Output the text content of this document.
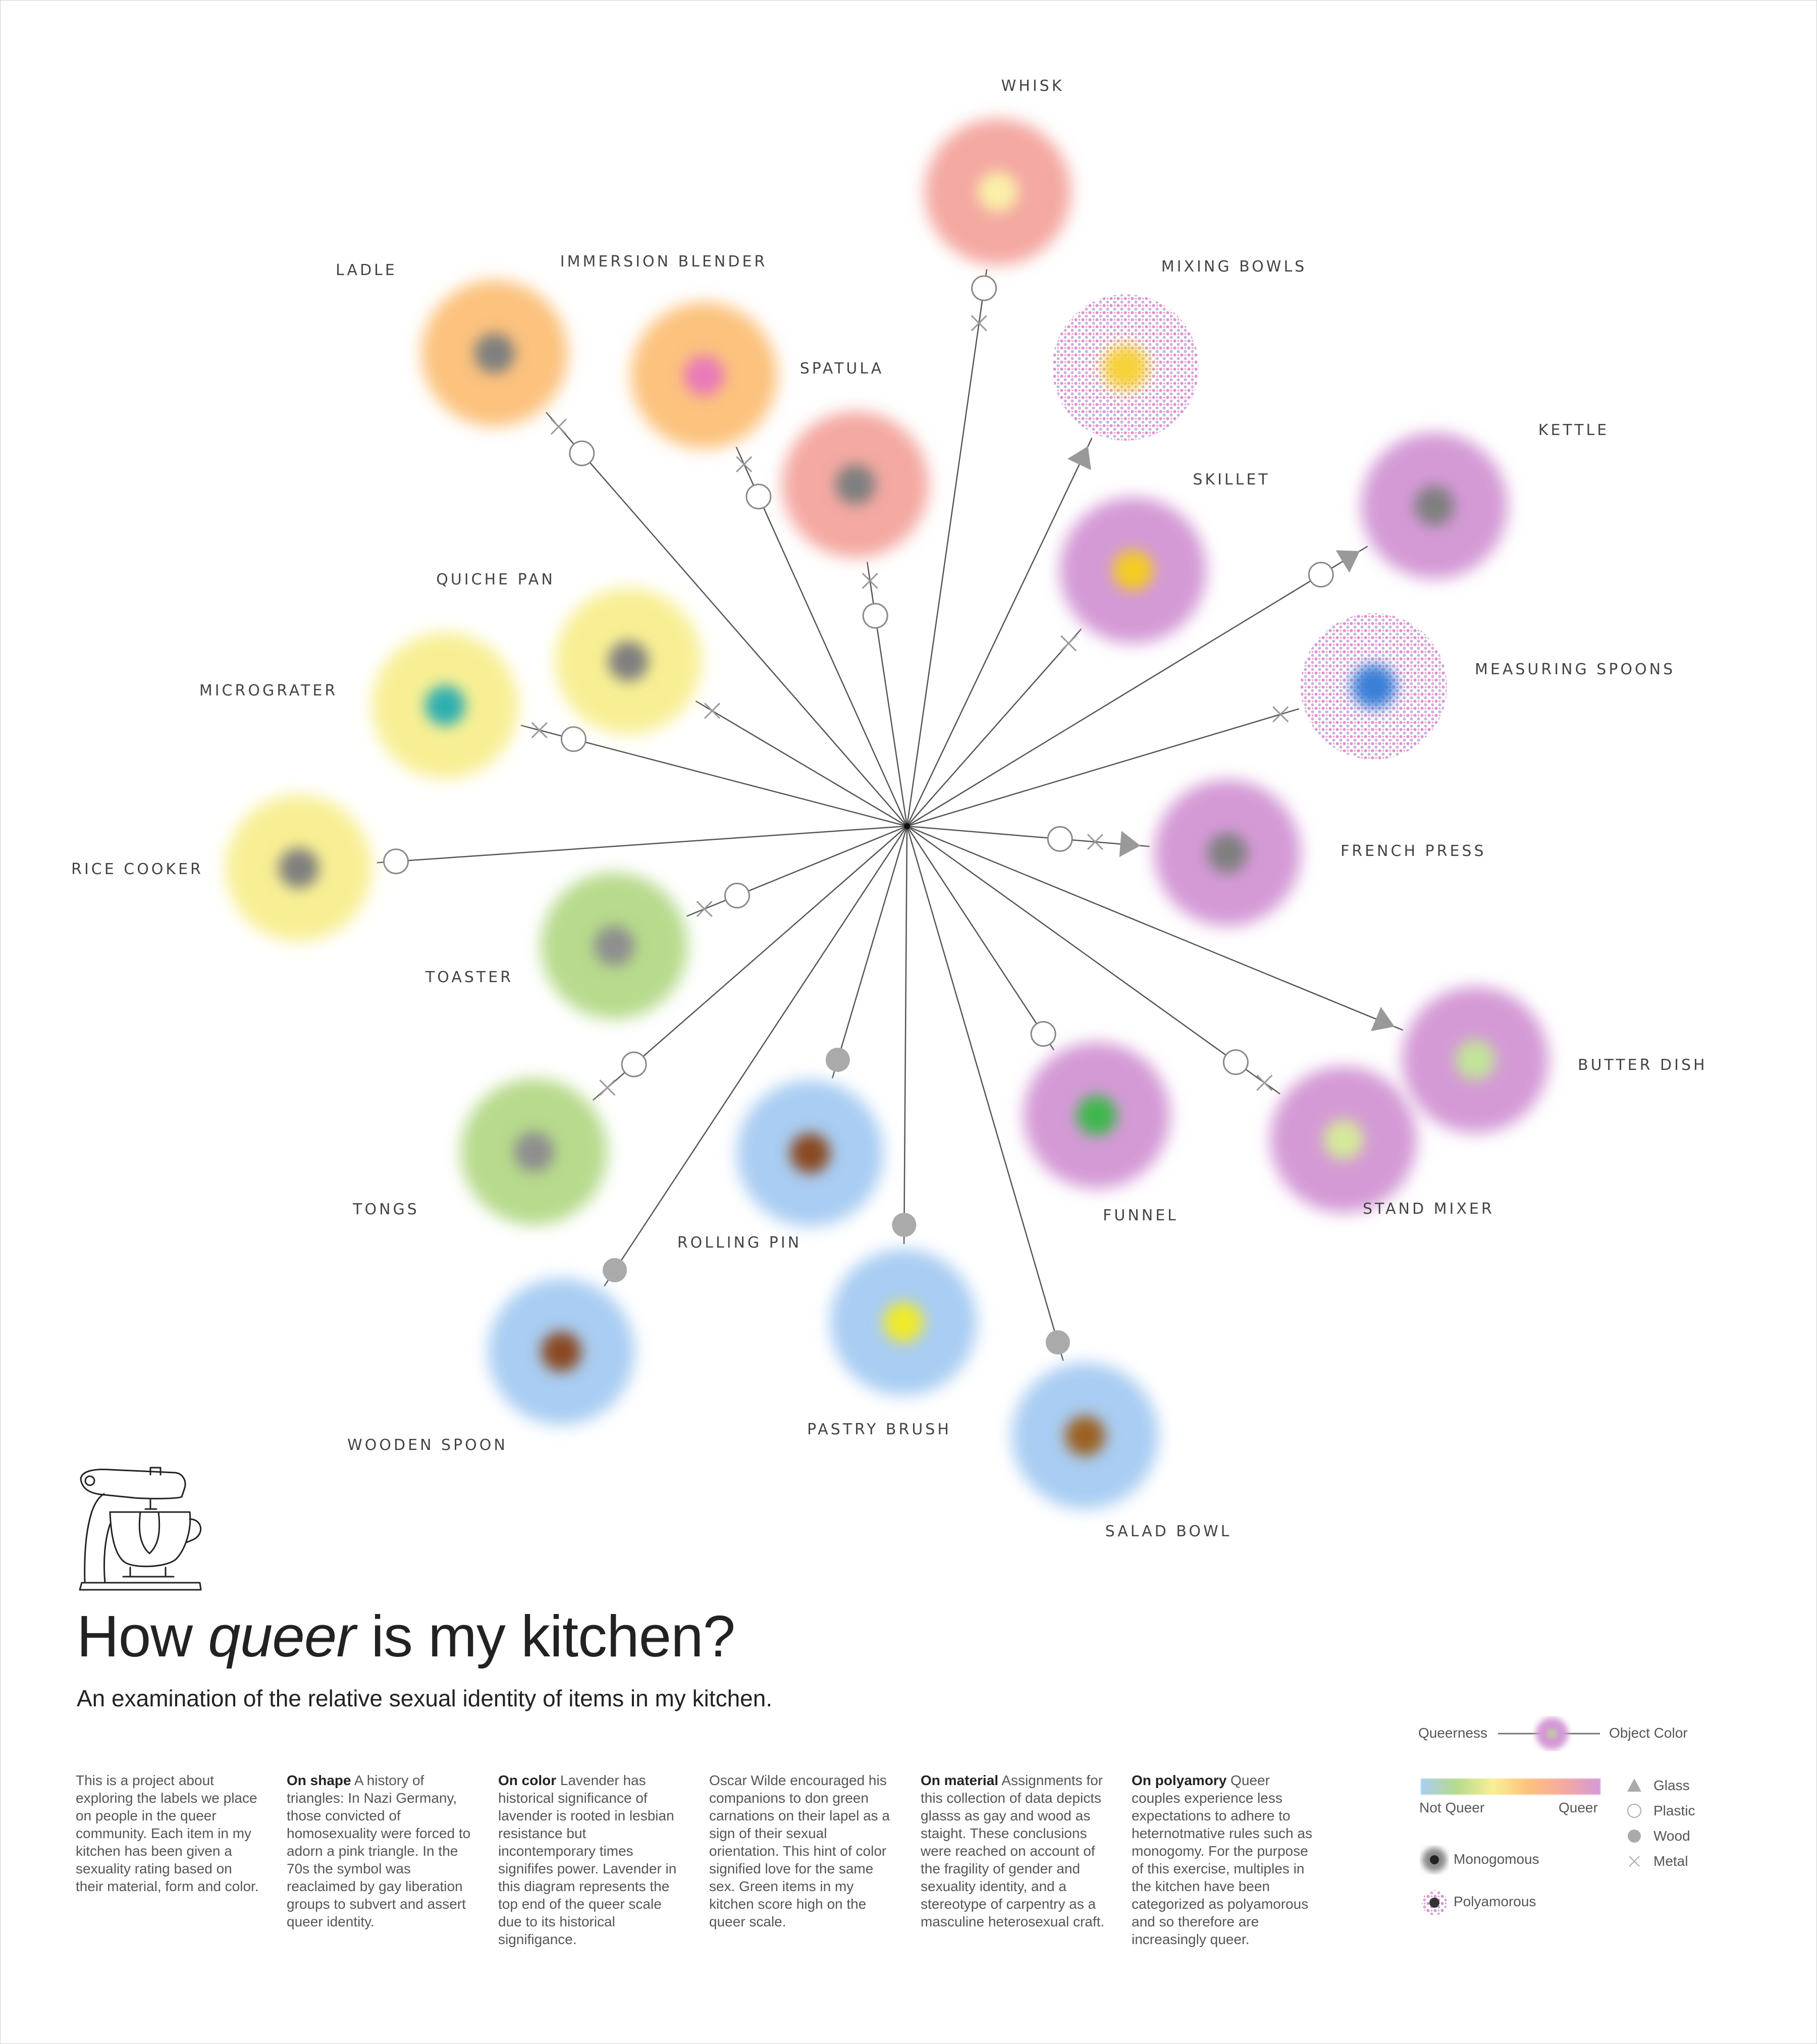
WHISK
MIXING BOWLS
KETTLE
SKILLET
MEASURING SPOONS
FRENCH PRESS
BUTTER DISH
STAND MIXER
FUNNEL
SALAD BOWL
PASTRY BRUSH
ROLLING PIN
WOODEN SPOON
TONGS
TOASTER
RICE COOKER
MICROGRATER
QUICHE PAN
LADLE	IMMERSION BLENDER
SPATULA
How queer is my kitchen?

An examination of the relative sexual identity of items in my kitchen.

This is a project about exploring the labels we place on people in the queer community. Each item in my kitchen has been given a sexuality rating based on their material, form and color.
On shape A history of triangles: In Nazi Germany, those convicted of homosexuality were forced to adorn a pink triangle. In the 70s the symbol was reaclaimed by gay liberation groups to subvert and assert queer identity.
On color Lavender has historical significance of lavender is rooted in lesbian resistance but incontemporary times signififes power. Lavender in this diagram represents the top end of the queer scale due to its historical signifigance.
Oscar Wilde encouraged his companions to don green carnations on their lapel as a sign of their sexual orientation. This hint of color signified love for the same sex. Green items in my kitchen score high on the queer scale.
On material Assignments for this collection of data depicts glasss as gay and wood as staight. These conclusions were reached on account of the fragility of gender and sexuality identity, and a stereotype of carpentry as a masculine heterosexual craft.
On polyamory Queer couples experience less expectations to adhere to heternotmative rules such as monogomy. For the purpose of this exercise, multiples in the kitchen have been categorized as polyamorous and so therefore are increasingly queer.
Queerness	Object Color
Not Queer	Queer
Monogomous
Polyamorous
Glass
Plastic
Wood
Metal
